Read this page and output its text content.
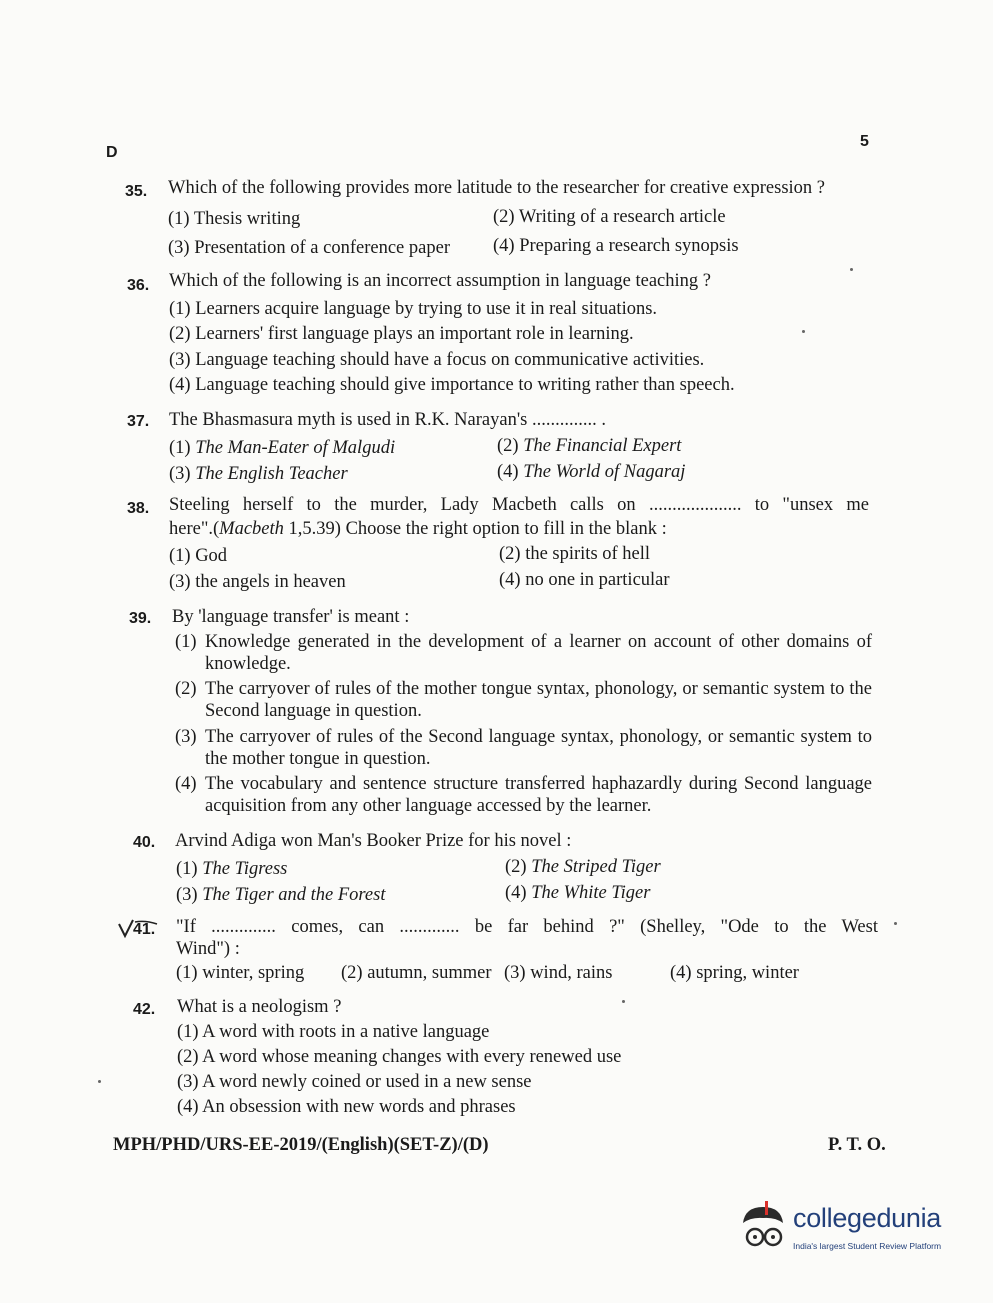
D
5
35. Which of the following provides more latitude to the researcher for creative expression ?
(1) Thesis writing	(2) Writing of a research article
(3) Presentation of a conference paper (4) Preparing a research synopsis
36. Which of the following is an incorrect assumption in language teaching ?
(1) Learners acquire language by trying to use it in real situations.
(2) Learners' first language plays an important role in learning.
(3) Language teaching should have a focus on communicative activities.
(4) Language teaching should give importance to writing rather than speech.
37. The Bhasmasura myth is used in R.K. Narayan's .............. .
(1) The Man-Eater of Malgudi	(2) The Financial Expert
(3) The English Teacher	(4) The World of Nagaraj
38. Steeling herself to the murder, Lady Macbeth calls on .................... to "unsex me
here".(Macbeth 1,5.39) Choose the right option to fill in the blank :
(1) God	(2) the spirits of hell
(3) the angels in heaven	(4) no one in particular
39. By 'language transfer' is meant :
(1) Knowledge generated in the development of a learner on account of other domains of knowledge.
(2) The carryover of rules of the mother tongue syntax, phonology, or semantic system to the Second language in question.
(3) The carryover of rules of the Second language syntax, phonology, or semantic system to the mother tongue in question.
(4) The vocabulary and sentence structure transferred haphazardly during Second language acquisition from any other language accessed by the learner.
40. Arvind Adiga won Man's Booker Prize for his novel :
(1) The Tigress	(2) The Striped Tiger
(3) The Tiger and the Forest	(4) The White Tiger
41. "If .............. comes, can ............. be far behind ?" (Shelley, "Ode to the West
Wind") :
(1) winter, spring (2) autumn, summer (3) wind, rains	(4) spring, winter
42. What is a neologism ?
(1) A word with roots in a native language
(2) A word whose meaning changes with every renewed use
(3) A word newly coined or used in a new sense
(4) An obsession with new words and phrases
MPH/PHD/URS-EE-2019/(English)(SET-Z)/(D)	P. T. O.
collegedunia
India's largest Student Review Platform
